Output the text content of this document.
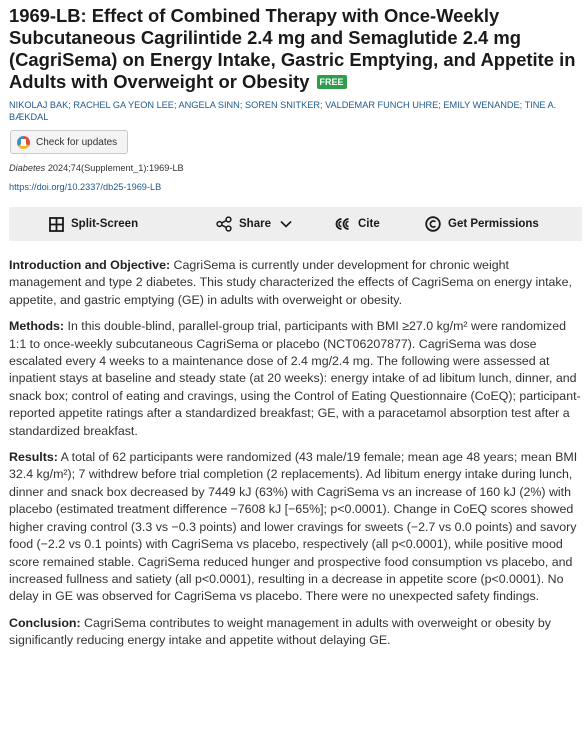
1969-LB: Effect of Combined Therapy with Once-Weekly Subcutaneous Cagrilintide 2.4 mg and Semaglutide 2.4 mg (CagriSema) on Energy Intake, Gastric Emptying, and Appetite in Adults with Overweight or Obesity FREE
NIKOLAJ BAK; RACHEL GA YEON LEE; ANGELA SINN; SOREN SNITKER; VALDEMAR FUNCH UHRE; EMILY WENANDE; TINE A. BÆKDAL
Check for updates
Diabetes 2024;74(Supplement_1):1969-LB
https://doi.org/10.2337/db25-1969-LB
Split-Screen	Share	Cite	Get Permissions

Introduction and Objective: CagriSema is currently under development for chronic weight management and type 2 diabetes. This study characterized the effects of CagriSema on energy intake, appetite, and gastric emptying (GE) in adults with overweight or obesity.

Methods: In this double-blind, parallel-group trial, participants with BMI ≥27.0 kg/m² were randomized 1:1 to once-weekly subcutaneous CagriSema or placebo (NCT06207877). CagriSema was dose escalated every 4 weeks to a maintenance dose of 2.4 mg/2.4 mg. The following were assessed at inpatient stays at baseline and steady state (at 20 weeks): energy intake of ad libitum lunch, dinner, and snack box; control of eating and cravings, using the Control of Eating Questionnaire (CoEQ); participant-reported appetite ratings after a standardized breakfast; GE, with a paracetamol absorption test after a standardized breakfast.

Results: A total of 62 participants were randomized (43 male/19 female; mean age 48 years; mean BMI 32.4 kg/m²); 7 withdrew before trial completion (2 replacements). Ad libitum energy intake during lunch, dinner and snack box decreased by 7449 kJ (63%) with CagriSema vs an increase of 160 kJ (2%) with placebo (estimated treatment difference −7608 kJ [−65%]; p<0.0001). Change in CoEQ scores showed higher craving control (3.3 vs −0.3 points) and lower cravings for sweets (−2.7 vs 0.0 points) and savory food (−2.2 vs 0.1 points) with CagriSema vs placebo, respectively (all p<0.0001), while positive mood score remained stable. CagriSema reduced hunger and prospective food consumption vs placebo, and increased fullness and satiety (all p<0.0001), resulting in a decrease in appetite score (p<0.0001). No delay in GE was observed for CagriSema vs placebo. There were no unexpected safety findings.

Conclusion: CagriSema contributes to weight management in adults with overweight or obesity by significantly reducing energy intake and appetite without delaying GE.
